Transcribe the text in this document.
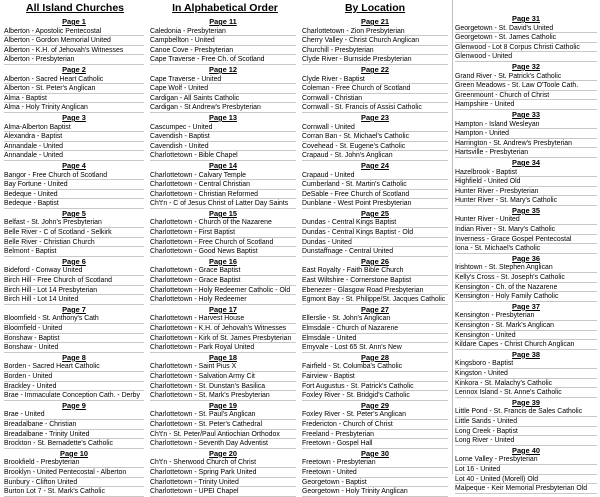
All Island Churches	In Alphabetical Order	By Location
Page 1
Alberton - Apostolic Pentecostal
Alberton - Gordon Memorial United
Alberton - K.H. of Jehovah's Witnesses
Alberton - Presbyterian
Page 2
Alberton - Sacred Heart Catholic
Alberton - St. Peter's Anglican
Alma - Baptist
Alma - Holy Trinity Anglican
Page 3
Alma-Alberton Baptist
Alexandra - Baptist
Annandale - United
Annandale - United
Page 4
Bangor - Free Church of Scotland
Bay Fortune - United
Bedeque - United
Bedeque - Baptist
Page 5
Belfast - St. John's Presbyterian
Belle River - C of Scotland - Selkirk
Belle River - Christian Church
Belmont - Baptist
Page 6
Bideford - Conway United
Birch Hill - Free Church of Scotland
Birch Hill - Lot 14 Presbyterian
Birch Hill - Lot 14 United
Page 7
Bloomfield - St. Anthony's Cath
Bloomfield - United
Bonshaw - Baptist
Bonshaw - United
Page 8
Borden - Sacred Heart Catholic
Borden - United
Brackley - United
Brae - Immaculate Conception Cath. - Derby
Page 9
Brae - United
Breadalbane - Christian
Breadalbane - Trinity United
Brockton - St. Bernadette's Catholic
Page 10
Brookfield - Presbyterian
Brooklyn - United Pentecostal - Alberton
Bunbury - Clifton United
Burton Lot 7 - St. Mark's Catholic
Page 11
Caledonia - Presbyterian
Campbellton - United
Canoe Cove - Presbyterian
Cape Traverse - Free Ch. of Scotland
Page 12
Cape Traverse - United
Cape Wolf - United
Cardigan - All Saints Catholic
Cardigan - St Andrew's Presbyterian
Page 13
Cascumpec - United
Cavendish - Baptist
Cavendish - United
Charlottetown - Bible Chapel
Page 14
Charlottetown - Calvary Temple
Charlottetown - Central Christian
Charlottetown - Christian Reformed
Ch't'n - C of Jesus Christ of Latter Day Saints
Page 15
Charlottetown - Church of the Nazarene
Charlottetown - First Baptist
Charlottetown - Free Church of Scotland
Charlottetown - Good News Baptist
Page 16
Charlottetown - Grace Baptist
Charlottetown - Grace Baptist
Charlottetown - Holy Redeemer Catholic - Old
Charlottetown - Holy Redeemer
Page 17
Charlottetown - Harvest House
Charlottetown - K.H. of Jehovah's Witnesses
Charlottetown - Kirk of St. James Presbyterian
Charlottetown - Park Royal United
Page 18
Charlottetown - Saint Pius X
Charlottetown - Salvation Army Cit
Charlottetown - St. Dunstan's Basilica
Charlottetown - St. Mark's Presbyterian
Page 19
Charlottetown - St. Paul's Anglican
Charlottetown - St. Peter's Cathedral
Ch't'n - St. Peter/Paul Antiochian Orthodox
Charlottetown - Seventh Day Adventist
Page 20
Ch't'n - Sherwood Church of Christ
Charlottetown - Spring Park United
Charlottetown - Trinity United
Charlottetown - UPEI Chapel
Page 21
Charlottetown - Zion Presbyterian
Cherry Valley - Christ Church Anglican
Churchill - Presbyterian
Clyde River - Burnside Presbyterian
Page 22
Clyde River - Baptist
Coleman - Free Church of Scotland
Cornwall - Christian
Cornwall - St. Francis of Assisi Catholic
Page 23
Cornwall - United
Corran Ban - St. Michael's Catholic
Covehead - St. Eugene's Catholic
Crapaud - St. John's Anglican
Page 24
Crapaud - United
Cumberland - St. Martin's Catholic
DeSable - Free Church of Scotland
Dunblane - West Point Presbyterian
Page 25
Dundas - Central Kings Baptist
Dundas - Central Kings Baptist - Old
Dundas - United
Dunstaffnage - Central United
Page 26
East Royalty - Faith Bible Church
East Wiltshire - Cornerstone Baptist
Ebenezer - Glasgow Road Presbyterian
Egmont Bay - St. Philippe/St. Jacques Catholic
Page 27
Ellerslie - St. John's Anglican
Elmsdale - Church of Nazarene
Elmsdale - United
Emyvale - Lost 65 St. Ann's New
Page 28
Fairfield - St. Columba's Catholic
Fairview - Baptist
Fort Augustus - St. Patrick's Catholic
Foxley River - St. Bridgid's Catholic
Page 29
Foxley River - St. Peter's Anglican
Fredericton - Church of Christ
Freeland - Presbyterian
Freetown - Gospel Hall
Page 30
Freetown - Presbyterian
Freetown - United
Georgetown - Baptist
Georgetown - Holy Trinity Anglican
Page 31
Georgetown - St. David's United
Georgetown - St. James Catholic
Glenwood - Lot 8 Corpus Christi Catholic
Glenwood - United
Page 32
Grand River - St. Patrick's Catholic
Green Meadows - St. Law O'Toole Cath.
Greenmount - Church of Christ
Hampshire - United
Page 33
Hampton - Island Wesleyan
Hampton - United
Harrington - St. Andrew's Presbyterian
Hartsville - Presbyterian
Page 34
Hazelbrook - Baptist
Highfield - United Old
Hunter River - Presbyterian
Hunter River - St. Mary's Catholic
Page 35
Hunter River - United
Indian River - St. Mary's Catholic
Inverness - Grace Gospel Pentecostal
Iona - St. Michael's Catholic
Page 36
Irishtown - St. Stephen Anglican
Kelly's Cross - St. Joseph's Catholic
Kensington - Ch. of the Nazarene
Kensington - Holy Family Catholic
Page 37
Kensington - Presbyterian
Kensington - St. Mark's Anglican
Kensington - United
Kildare Capes - Christ Church Anglican
Page 38
Kingsboro - Baptist
Kingston - United
Kinkora - St. Malachy's Catholic
Lennox Island - St. Anne's Catholic
Page 39
Little Pond - St. Francis de Sales Catholic
Little Sands - United
Long Creek - Baptist
Long River - United
Page 40
Lorne Valley - Presbyterian
Lot 16 - United
Lot 40 - United (Morell) Old
Malpeque - Keir Memorial Presbyterian Old
